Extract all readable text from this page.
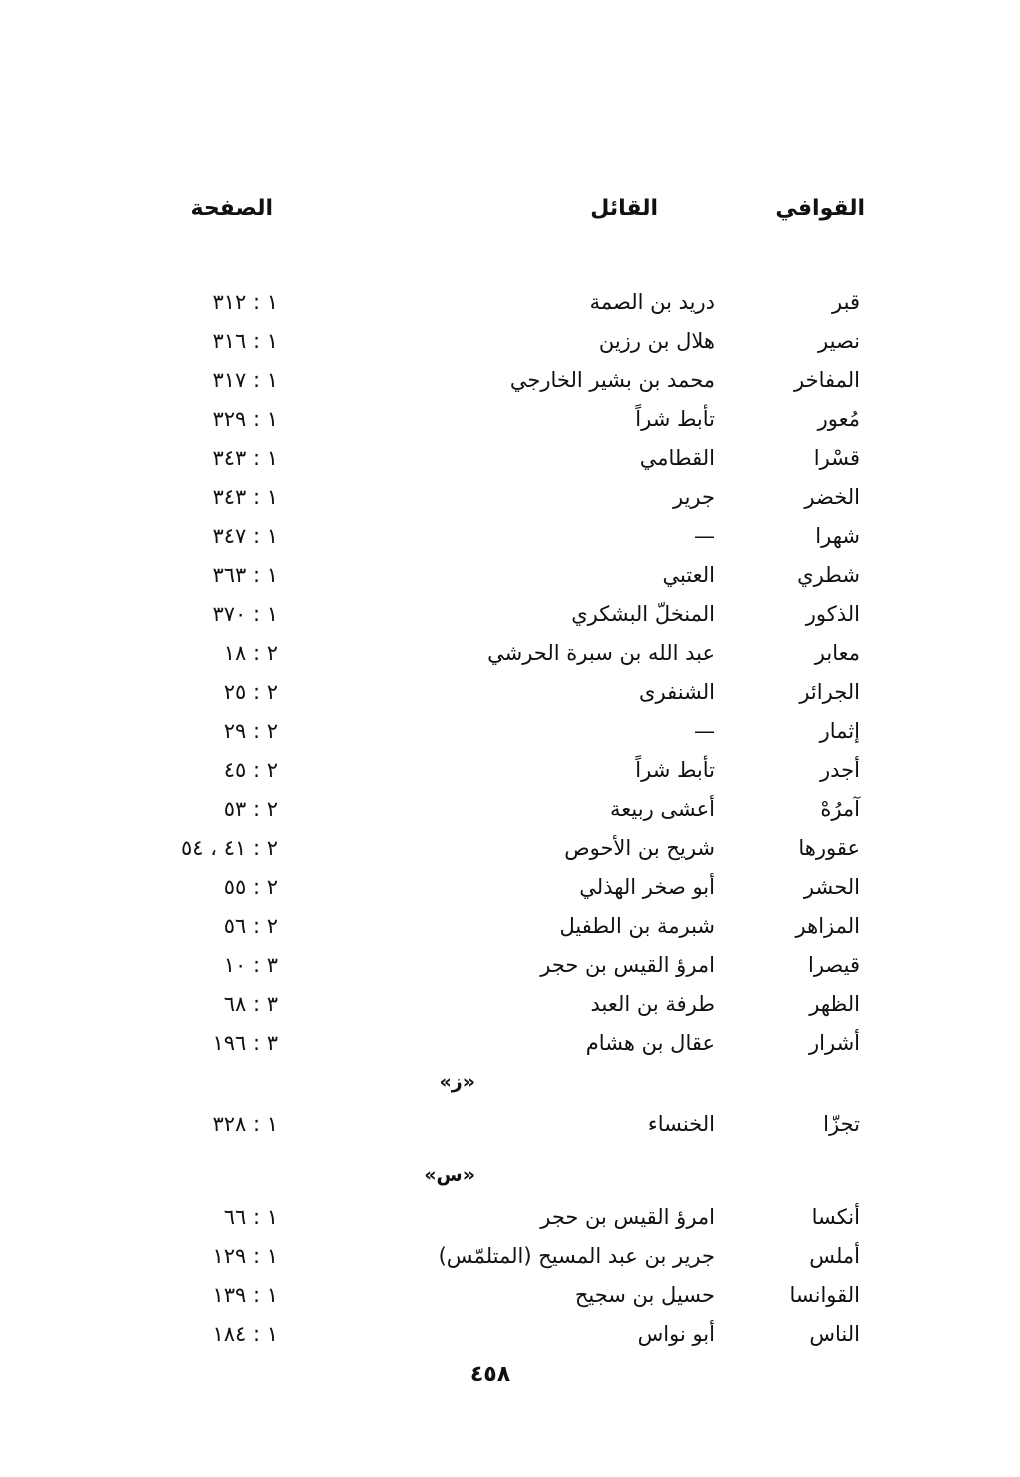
القوافي
القائل
الصفحة
قبر
دريد بن الصمة
١ : ٣١٢
نصير
هلال بن رزين
١ : ٣١٦
المفاخر
محمد بن بشير الخارجي
١ : ٣١٧
مُعور
تأبط شراً
١ : ٣٢٩
قسْرا
القطامي
١ : ٣٤٣
الخضر
جرير
١ : ٣٤٣
شهرا
—
١ : ٣٤٧
شطري
العتبي
١ : ٣٦٣
الذكور
المنخلّ البشكري
١ : ٣٧٠
معابر
عبد الله بن سبرة الحرشي
٢ : ١٨
الجرائر
الشنفرى
٢ : ٢٥
إثمار
—
٢ : ٢٩
أجدر
تأبط شراً
٢ : ٤٥
آمرُهْ
أعشى ربيعة
٢ : ٥٣
عقورها
شريح بن الأحوص
٢ : ٤١ ، ٥٤
الحشر
أبو صخر الهذلي
٢ : ٥٥
المزاهر
شبرمة بن الطفيل
٢ : ٥٦
قيصرا
امرؤ القيس بن حجر
٣ : ١٠
الظهر
طرفة بن العبد
٣ : ٦٨
أشرار
عقال بن هشام
٣ : ١٩٦
«ز»
تجزّا
الخنساء
١ : ٣٢٨
«س»
أنكسا
امرؤ القيس بن حجر
١ : ٦٦
أملس
جرير بن عبد المسيح (المتلمّس)
١ : ١٢٩
القوانسا
حسيل بن سجيح
١ : ١٣٩
الناس
أبو نواس
١ : ١٨٤
٤٥٨
